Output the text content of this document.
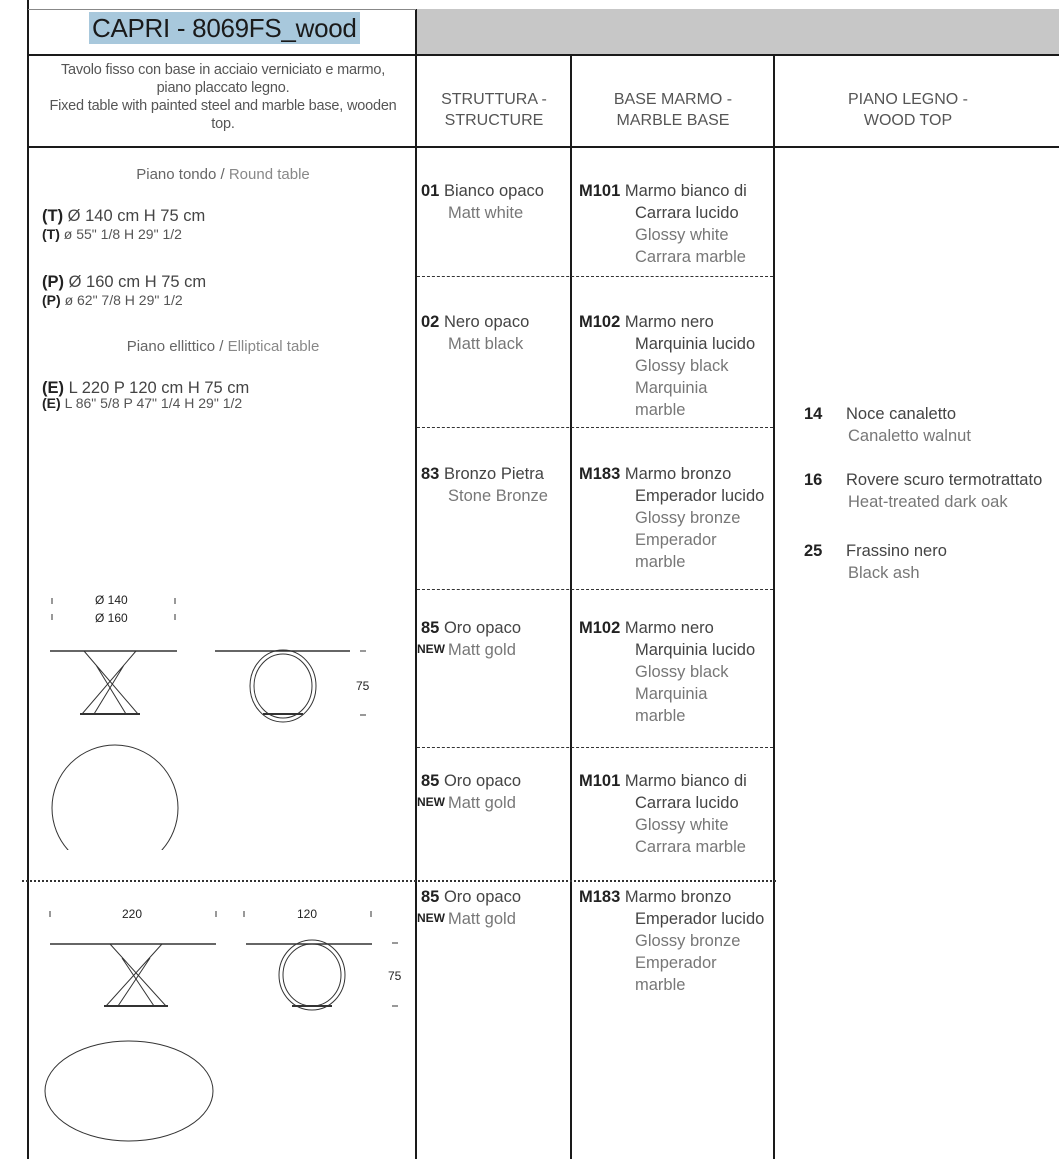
CAPRI - 8069FS_wood
Tavolo fisso con base in acciaio verniciato e marmo,
piano placcato legno.
Fixed table with painted steel and marble base, wooden
top.
STRUTTURA -
STRUCTURE
BASE MARMO -
MARBLE BASE
PIANO LEGNO -
WOOD TOP
Piano tondo / Round table
(T) Ø 140 cm H 75 cm
(T) ø 55" 1/8 H 29" 1/2
(P) Ø 160 cm H 75 cm
(P) ø 62" 7/8 H 29" 1/2
Piano ellittico / Elliptical table
(E) L 220 P 120 cm H 75 cm
(E) L 86" 5/8 P 47" 1/4 H 29" 1/2
Ø 140
Ø 160
75
220	120
75
01 Bianco opaco
Matt white
02 Nero opaco
Matt black
83 Bronzo Pietra
Stone Bronze
85 Oro opaco
Matt gold
NEW
85 Oro opaco
Matt gold
NEW
85 Oro opaco
Matt gold
NEW
M101 Marmo bianco di
Carrara lucido
Glossy white
Carrara marble
M102 Marmo nero
Marquinia lucido
Glossy black
Marquinia
marble
M183 Marmo bronzo
Emperador lucido
Glossy bronze
Emperador
marble
M102 Marmo nero
Marquinia lucido
Glossy black
Marquinia
marble
M101 Marmo bianco di
Carrara lucido
Glossy white
Carrara marble
M183 Marmo bronzo
Emperador lucido
Glossy bronze
Emperador
marble
14 Noce canaletto
Canaletto walnut
16 Rovere scuro termotrattato
Heat-treated dark oak
25 Frassino nero
Black ash
